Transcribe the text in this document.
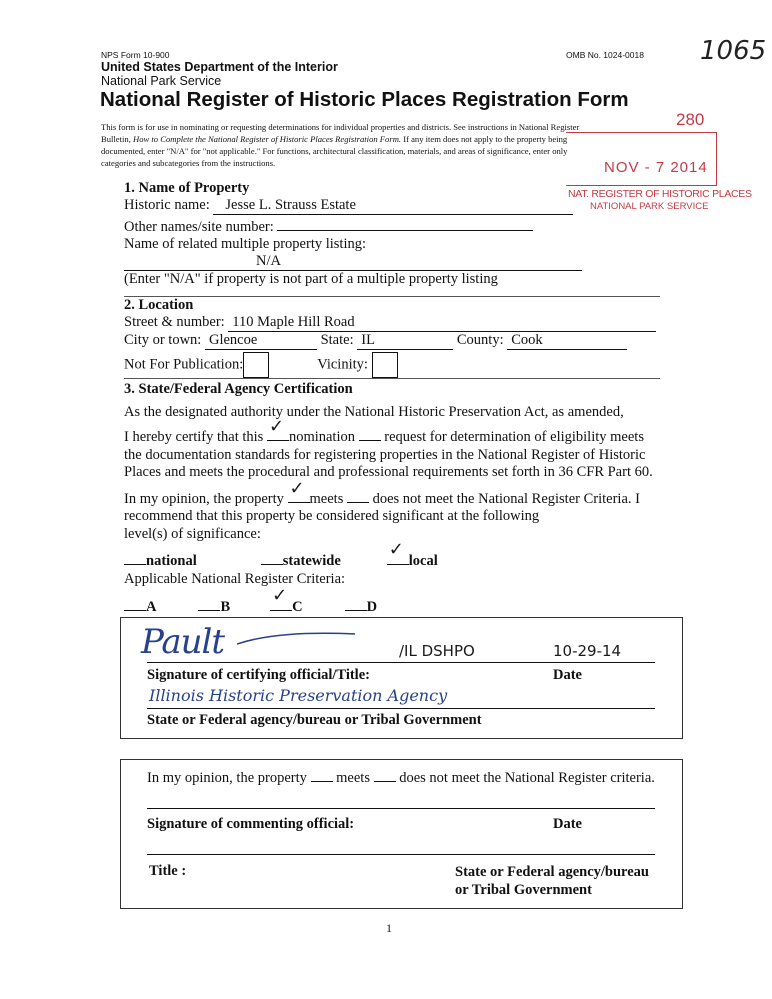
NPS Form 10-900	OMB No. 1024-0018 1065
United States Department of the Interior
National Park Service
National Register of Historic Places Registration Form
This form is for use in nominating or requesting determinations for individual properties and districts. See instructions in National Register
Bulletin, How to Complete the National Register of Historic Places Registration Form. If any item does not apply to the property being
documented, enter "N/A" for "not applicable." For functions, architectural classification, materials, and areas of significance, enter only
categories and subcategories from the instructions.
280
NOV - 7 2014
NAT. REGISTER OF HISTORIC PLACES
NATIONAL PARK SERVICE
1. Name of Property
Historic name: Jesse L. Strauss Estate
Other names/site number:
Name of related multiple property listing:
N/A
(Enter "N/A" if property is not part of a multiple property listing
2. Location
Street & number: 110 Maple Hill Road
City or town: Glencoe	State: IL	County: Cook
Not For Publication:	Vicinity:
3. State/Federal Agency Certification
As the designated authority under the National Historic Preservation Act, as amended,
I hereby certify that this ✓ nomination request for determination of eligibility meets
the documentation standards for registering properties in the National Register of Historic
Places and meets the procedural and professional requirements set forth in 36 CFR Part 60.
In my opinion, the property ✓ meets does not meet the National Register Criteria. I
recommend that this property be considered significant at the following
level(s) of significance:
national	statewide
✓
local
Applicable National Register Criteria:
A	B
✓
C	D
Pault	/IL DSHPO	10-29-14
Signature of certifying official/Title:	Date
Illinois Historic Preservation Agency
State or Federal agency/bureau or Tribal Government
In my opinion, the property meets does not meet the National Register criteria.
Signature of commenting official:	Date
Title :	State or Federal agency/bureau
or Tribal Government
1
